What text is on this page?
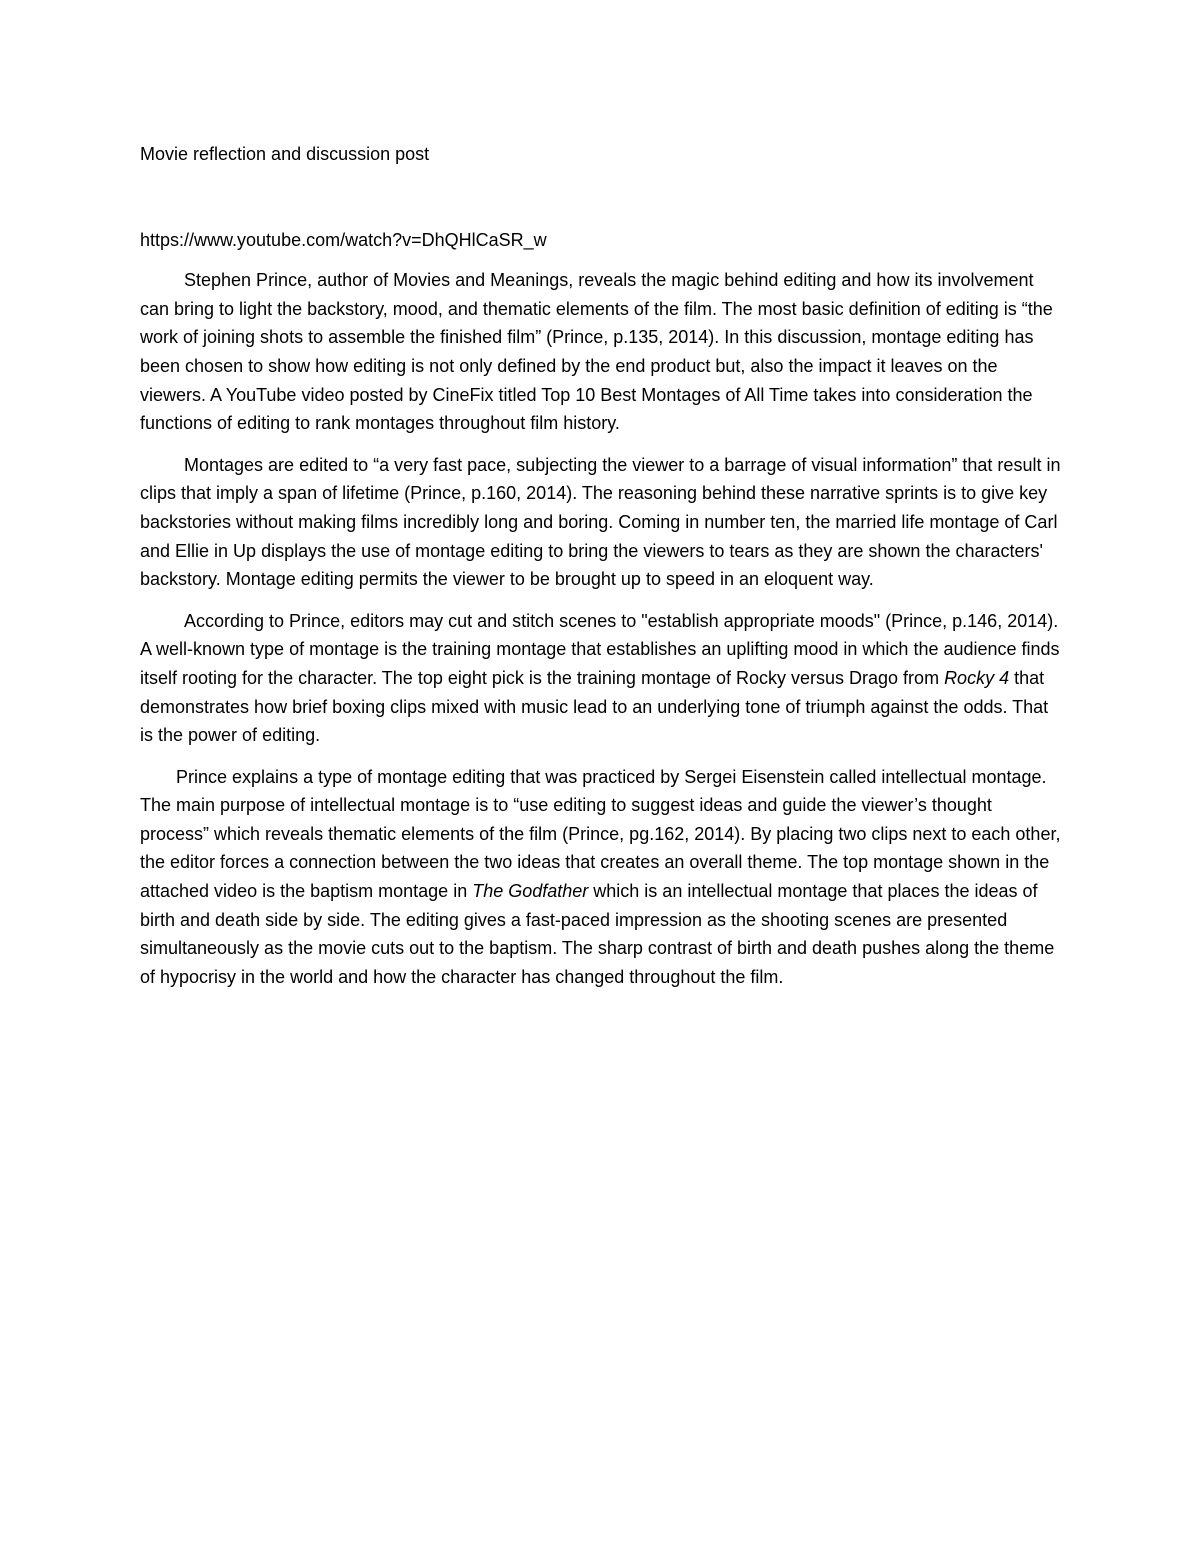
Movie reflection and discussion post
https://www.youtube.com/watch?v=DhQHlCaSR_w

Stephen Prince, author of Movies and Meanings, reveals the magic behind editing and how its involvement can bring to light the backstory, mood, and thematic elements of the film. The most basic definition of editing is “the work of joining shots to assemble the finished film” (Prince, p.135, 2014). In this discussion, montage editing has been chosen to show how editing is not only defined by the end product but, also the impact it leaves on the viewers. A YouTube video posted by CineFix titled Top 10 Best Montages of All Time takes into consideration the functions of editing to rank montages throughout film history.

Montages are edited to “a very fast pace, subjecting the viewer to a barrage of visual information” that result in clips that imply a span of lifetime (Prince, p.160, 2014). The reasoning behind these narrative sprints is to give key backstories without making films incredibly long and boring. Coming in number ten, the married life montage of Carl and Ellie in Up displays the use of montage editing to bring the viewers to tears as they are shown the characters' backstory. Montage editing permits the viewer to be brought up to speed in an eloquent way.

According to Prince, editors may cut and stitch scenes to "establish appropriate moods" (Prince, p.146, 2014). A well-known type of montage is the training montage that establishes an uplifting mood in which the audience finds itself rooting for the character. The top eight pick is the training montage of Rocky versus Drago from Rocky 4 that demonstrates how brief boxing clips mixed with music lead to an underlying tone of triumph against the odds. That is the power of editing.

Prince explains a type of montage editing that was practiced by Sergei Eisenstein called intellectual montage. The main purpose of intellectual montage is to “use editing to suggest ideas and guide the viewer’s thought process” which reveals thematic elements of the film (Prince, pg.162, 2014). By placing two clips next to each other, the editor forces a connection between the two ideas that creates an overall theme. The top montage shown in the attached video is the baptism montage in The Godfather which is an intellectual montage that places the ideas of birth and death side by side. The editing gives a fast-paced impression as the shooting scenes are presented simultaneously as the movie cuts out to the baptism. The sharp contrast of birth and death pushes along the theme of hypocrisy in the world and how the character has changed throughout the film.
